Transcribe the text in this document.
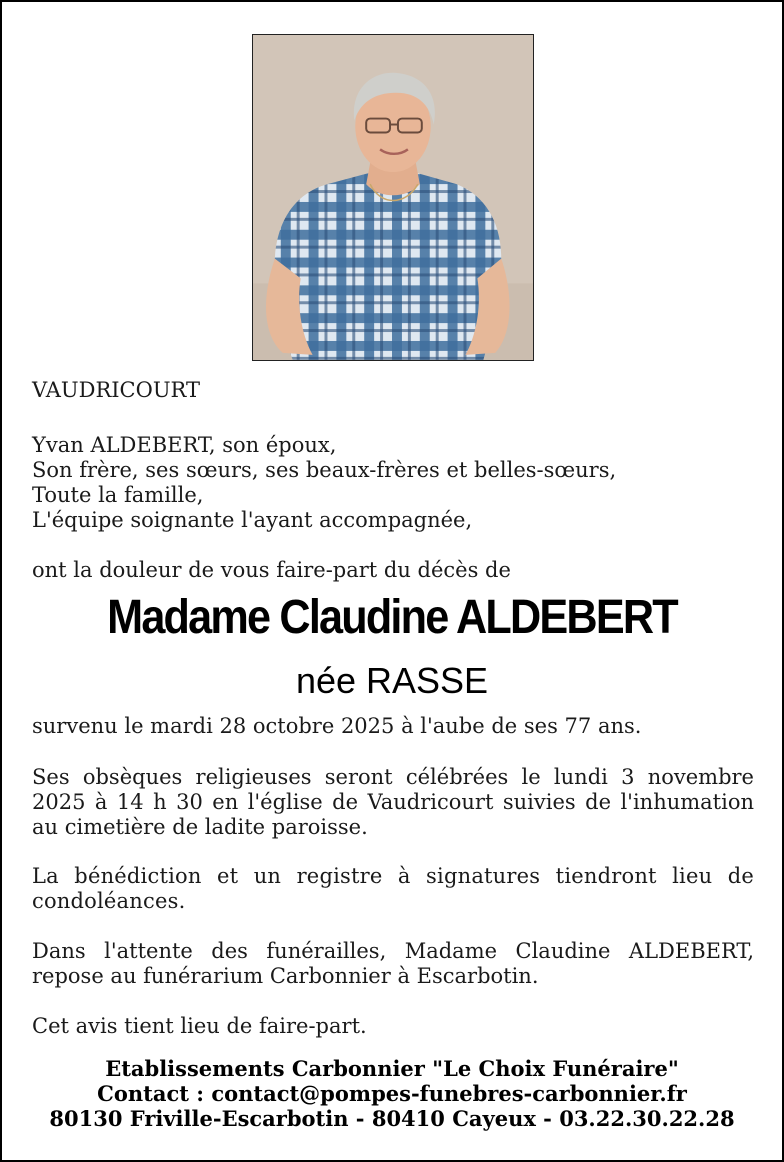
VAUDRICOURT
Yvan ALDEBERT, son époux,
Son frère, ses sœurs, ses beaux-frères et belles-sœurs,
Toute la famille,
L'équipe soignante l'ayant accompagnée,
ont la douleur de vous faire-part du décès de
Madame Claudine ALDEBERT
née RASSE
survenu le mardi 28 octobre 2025 à l'aube de ses 77 ans.
Ses obsèques religieuses seront célébrées le lundi 3 novembre 2025 à 14 h 30 en l'église de Vaudricourt suivies de l'inhumation au cimetière de ladite paroisse.
La bénédiction et un registre à signatures tiendront lieu de condoléances.
Dans l'attente des funérailles, Madame Claudine ALDEBERT, repose au funérarium Carbonnier à Escarbotin.
Cet avis tient lieu de faire-part.
Etablissements Carbonnier "Le Choix Funéraire"
Contact : contact@pompes-funebres-carbonnier.fr
80130 Friville-Escarbotin - 80410 Cayeux - 03.22.30.22.28
